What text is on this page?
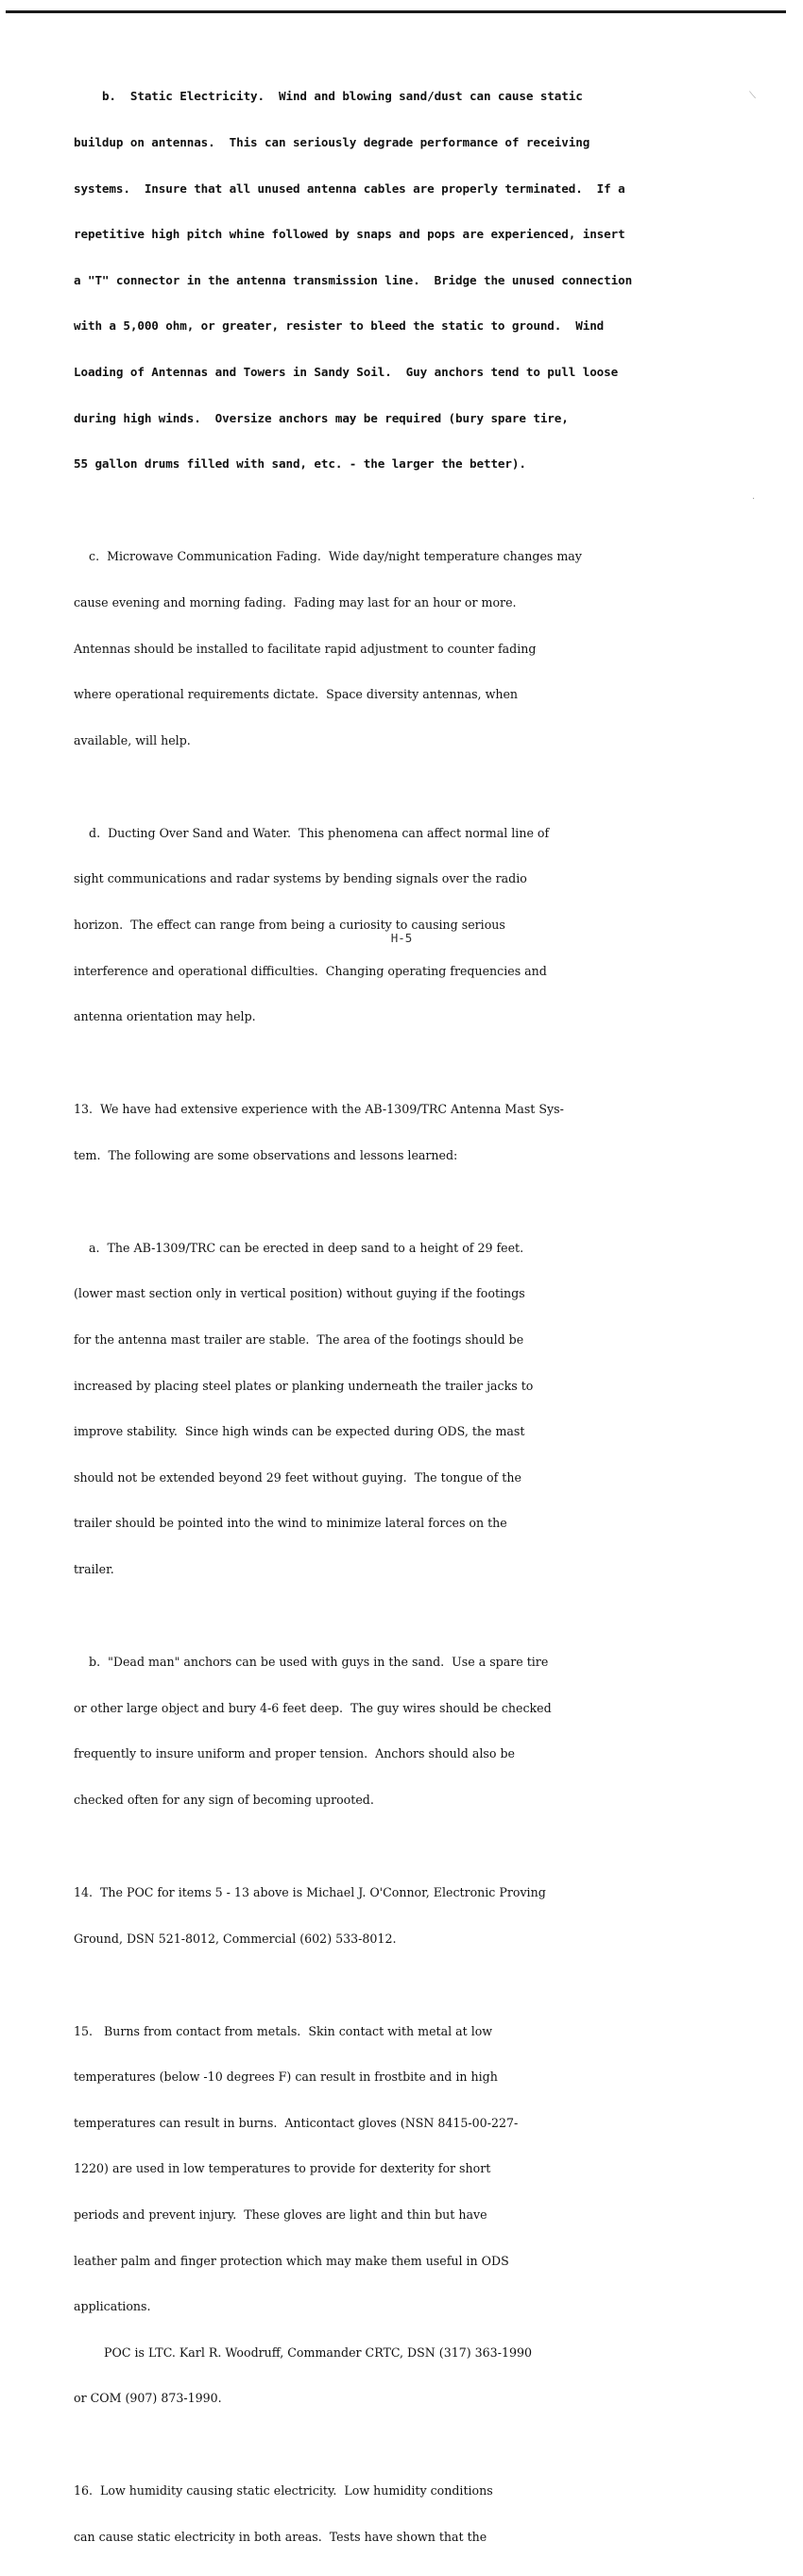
b.  Static Electricity.  Wind and blowing sand/dust can cause static

buildup on antennas.  This can seriously degrade performance of receiving

systems.  Insure that all unused antenna cables are properly terminated.  If a

repetitive high pitch whine followed by snaps and pops are experienced, insert

a "T" connector in the antenna transmission line.  Bridge the unused connection

with a 5,000 ohm, or greater, resister to bleed the static to ground.  Wind

Loading of Antennas and Towers in Sandy Soil.  Guy anchors tend to pull loose

during high winds.  Oversize anchors may be required (bury spare tire,

55 gallon drums filled with sand, etc. - the larger the better).

c.  Microwave Communication Fading.  Wide day/night temperature changes may

cause evening and morning fading.  Fading may last for an hour or more.

Antennas should be installed to facilitate rapid adjustment to counter fading

where operational requirements dictate.  Space diversity antennas, when

available, will help.

d.  Ducting Over Sand and Water.  This phenomena can affect normal line of

sight communications and radar systems by bending signals over the radio

horizon.  The effect can range from being a curiosity to causing serious

interference and operational difficulties.  Changing operating frequencies and

antenna orientation may help.

13.  We have had extensive experience with the AB-1309/TRC Antenna Mast Sys-

tem.  The following are some observations and lessons learned:

a.  The AB-1309/TRC can be erected in deep sand to a height of 29 feet.

(lower mast section only in vertical position) without guying if the footings

for the antenna mast trailer are stable.  The area of the footings should be

increased by placing steel plates or planking underneath the trailer jacks to

improve stability.  Since high winds can be expected during ODS, the mast

should not be extended beyond 29 feet without guying.  The tongue of the

trailer should be pointed into the wind to minimize lateral forces on the

trailer.

b.  "Dead man" anchors can be used with guys in the sand.  Use a spare tire

or other large object and bury 4-6 feet deep.  The guy wires should be checked

frequently to insure uniform and proper tension.  Anchors should also be

checked often for any sign of becoming uprooted.

14.  The POC for items 5 - 13 above is Michael J. O'Connor, Electronic Proving

Ground, DSN 521-8012, Commercial (602) 533-8012.

15.   Burns from contact from metals.  Skin contact with metal at low

temperatures (below -10 degrees F) can result in frostbite and in high

temperatures can result in burns.  Anticontact gloves (NSN 8415-00-227-

1220) are used in low temperatures to provide for dexterity for short

periods and prevent injury.  These gloves are light and thin but have

leather palm and finger protection which may make them useful in ODS

applications.

POC is LTC. Karl R. Woodruff, Commander CRTC, DSN (317) 363-1990

or COM (907) 873-1990.

16.  Low humidity causing static electricity.  Low humidity conditions

can cause static electricity in both areas.  Tests have shown that the

H-5
⟍
.
